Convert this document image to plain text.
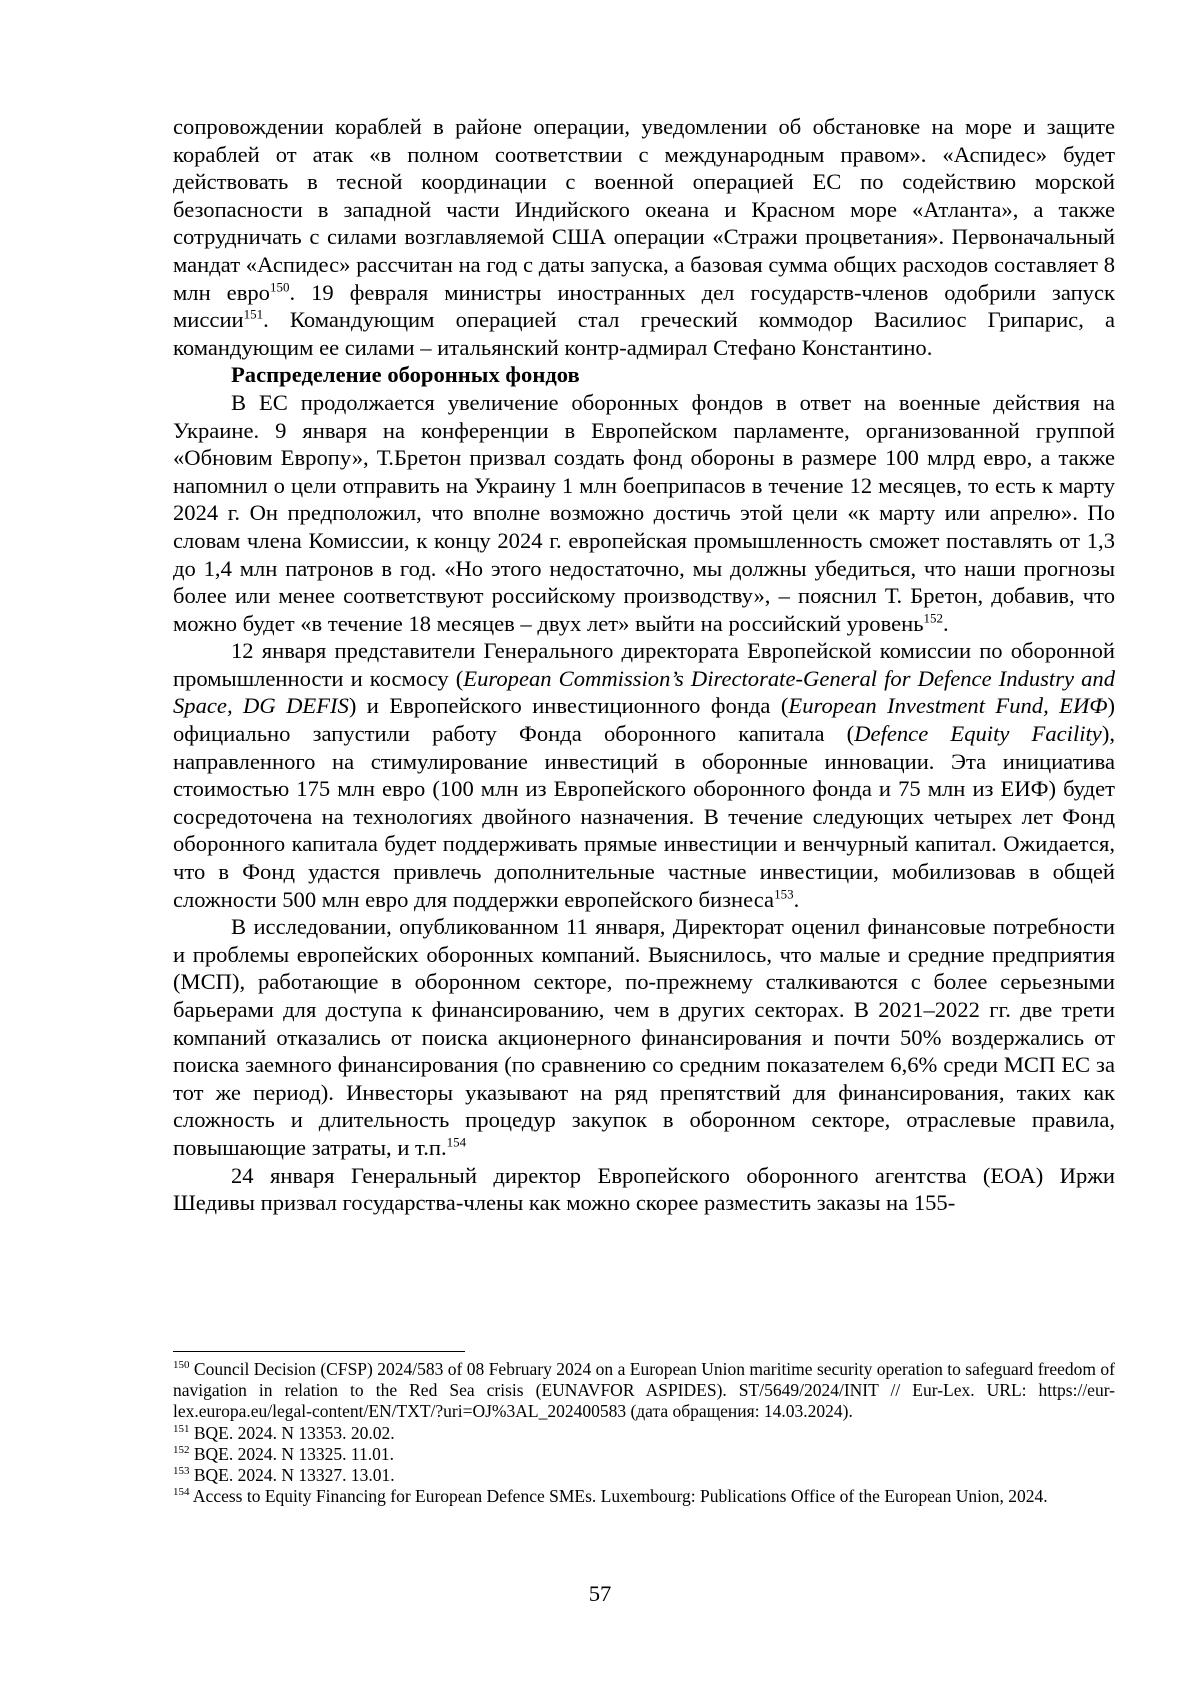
сопровождении кораблей в районе операции, уведомлении об обстановке на море и защите кораблей от атак «в полном соответствии с международным правом». «Аспидес» будет действовать в тесной координации с военной операцией ЕС по содействию морской безопасности в западной части Индийского океана и Красном море «Атланта», а также сотрудничать с силами возглавляемой США операции «Стражи процветания». Первоначальный мандат «Аспидес» рассчитан на год с даты запуска, а базовая сумма общих расходов составляет 8 млн евро$^{150}$. 19 февраля министры иностранных дел государств-членов одобрили запуск миссии$^{151}$. Командующим операцией стал греческий коммодор Василиос Грипарис, а командующим ее силами – итальянский контр-адмирал Стефано Константино.

Распределение оборонных фондов

В ЕС продолжается увеличение оборонных фондов в ответ на военные действия на Украине. 9 января на конференции в Европейском парламенте, организованной группой «Обновим Европу», Т.Бретон призвал создать фонд обороны в размере 100 млрд евро, а также напомнил о цели отправить на Украину 1 млн боеприпасов в течение 12 месяцев, то есть к марту 2024 г. Он предположил, что вполне возможно достичь этой цели «к марту или апрелю». По словам члена Комиссии, к концу 2024 г. европейская промышленность сможет поставлять от 1,3 до 1,4 млн патронов в год. «Но этого недостаточно, мы должны убедиться, что наши прогнозы более или менее соответствуют российскому производству», – пояснил Т. Бретон, добавив, что можно будет «в течение 18 месяцев – двух лет» выйти на российский уровень$^{152}$.

12 января представители Генерального директората Европейской комиссии по оборонной промышленности и космосу (European Commission’s Directorate-General for Defence Industry and Space, DG DEFIS) и Европейского инвестиционного фонда (European Investment Fund, ЕИФ) официально запустили работу Фонда оборонного капитала (Defence Equity Facility), направленного на стимулирование инвестиций в оборонные инновации. Эта инициатива стоимостью 175 млн евро (100 млн из Европейского оборонного фонда и 75 млн из ЕИФ) будет сосредоточена на технологиях двойного назначения. В течение следующих четырех лет Фонд оборонного капитала будет поддерживать прямые инвестиции и венчурный капитал. Ожидается, что в Фонд удастся привлечь дополнительные частные инвестиции, мобилизовав в общей сложности 500 млн евро для поддержки европейского бизнеса$^{153}$.

В исследовании, опубликованном 11 января, Директорат оценил финансовые потребности и проблемы европейских оборонных компаний. Выяснилось, что малые и средние предприятия (МСП), работающие в оборонном секторе, по-прежнему сталкиваются с более серьезными барьерами для доступа к финансированию, чем в других секторах. В 2021–2022 гг. две трети компаний отказались от поиска акционерного финансирования и почти 50% воздержались от поиска заемного финансирования (по сравнению со средним показателем 6,6% среди МСП ЕС за тот же период). Инвесторы указывают на ряд препятствий для финансирования, таких как сложность и длительность процедур закупок в оборонном секторе, отраслевые правила, повышающие затраты, и т.п.$^{154}$

24 января Генеральный директор Европейского оборонного агентства (ЕОА) Иржи Шедивы призвал государства-члены как можно скорее разместить заказы на 155-

$^{150}$ Council Decision (CFSP) 2024/583 of 08 February 2024 on a European Union maritime security operation to safeguard freedom of navigation in relation to the Red Sea crisis (EUNAVFOR ASPIDES). ST/5649/2024/INIT // Eur-Lex. URL: https://eur-lex.europa.eu/legal-content/EN/TXT/?uri=OJ%3AL_202400583 (дата обращения: 14.03.2024).

$^{151}$ BQE. 2024. N 13353. 20.02.

$^{152}$ BQE. 2024. N 13325. 11.01.

$^{153}$ BQE. 2024. N 13327. 13.01.

$^{154}$ Access to Equity Financing for European Defence SMEs. Luxembourg: Publications Office of the European Union, 2024.

57
